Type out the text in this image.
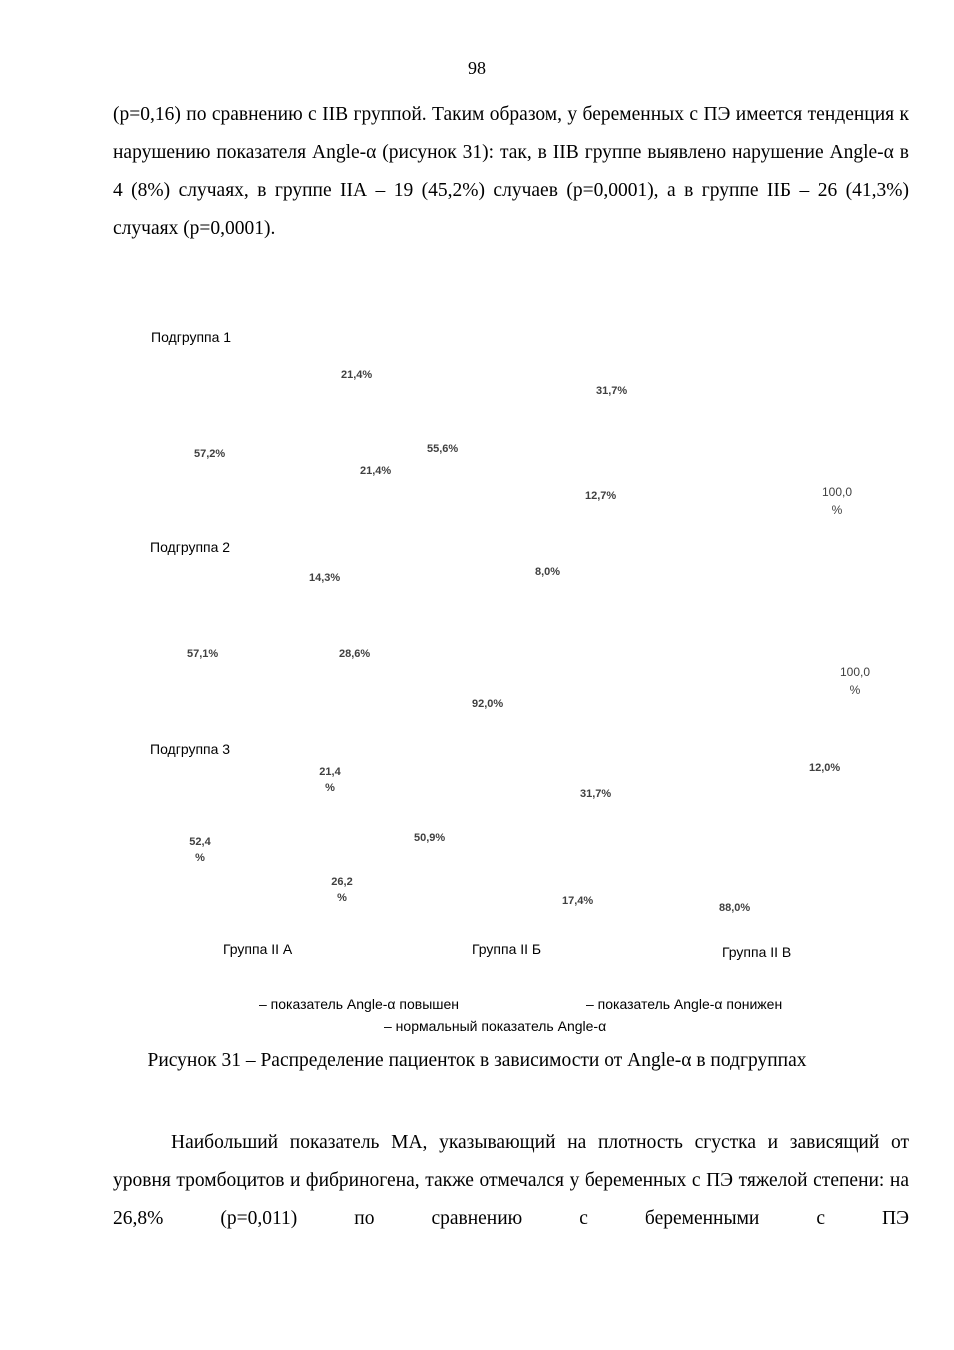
98

(p=0,16) по сравнению с IIВ группой. Таким образом, у беременных с ПЭ имеется тенденция к нарушению показателя Angle-α (рисунок 31): так, в IIВ группе выявлено нарушение Angle-α в 4 (8%) случаях, в группе IIА – 19 (45,2%) случаев (p=0,0001), а в группе IIБ – 26 (41,3%) случаях (p=0,0001).

Подгруппа 1
Подгруппа 2
Подгруппа 3
21,4%
57,2%
21,4%
31,7%
55,6%
12,7%	100,0
%
14,3%
57,1%	28,6%
8,0%
92,0%
100,0
%
21,4
%
52,4
%
26,2
%
31,7%
50,9%
17,4%
12,0%
88,0%
Группа II А	Группа II Б	Группа II В
– показатель Angle-α повышен	– показатель Angle-α понижен
– нормальный показатель Angle-α

Рисунок 31 – Распределение пациенток в зависимости от Angle-α в подгруппах

Наибольший показатель МА, указывающий на плотность сгустка и зависящий от уровня тромбоцитов и фибриногена, также отмечался у беременных с ПЭ тяжелой степени: на 26,8% (p=0,011) по сравнению с беременными с ПЭ
